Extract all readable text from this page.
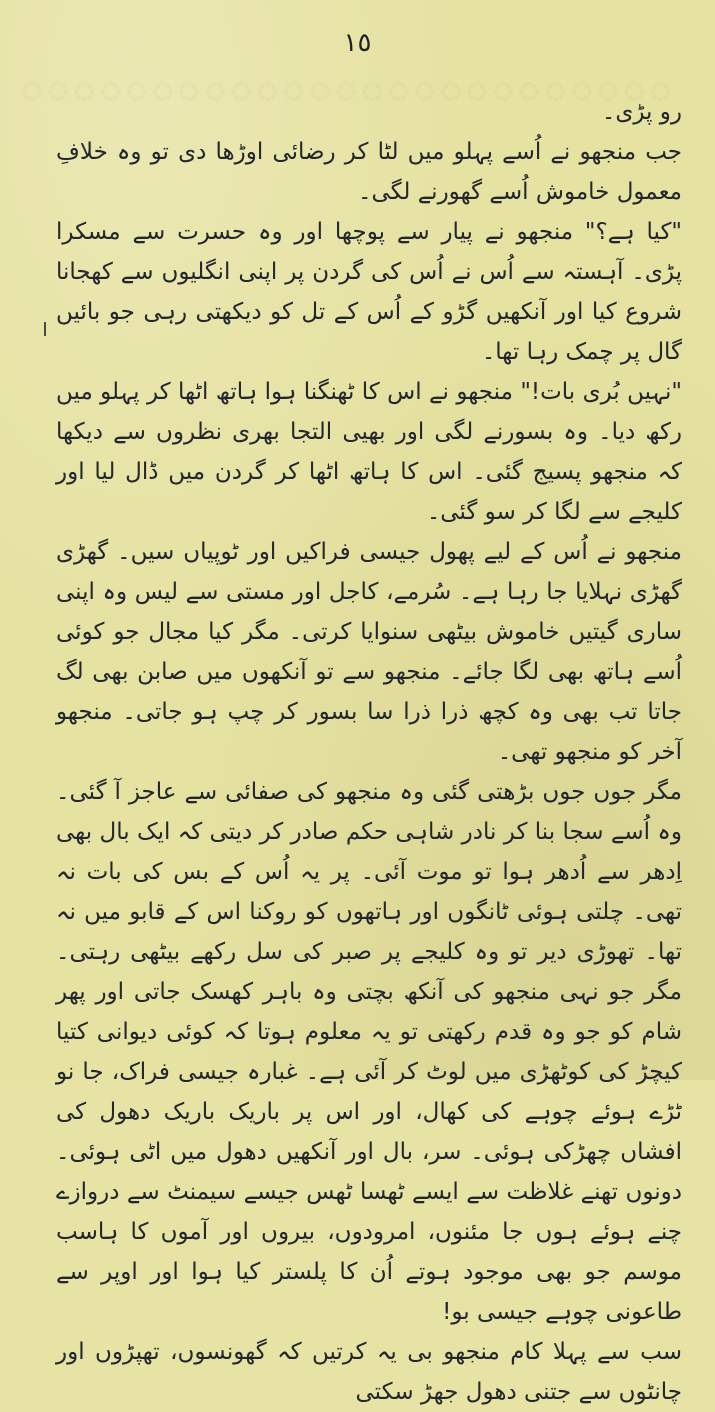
◌ ◌ ◌ ◌ ◌ ◌ ◌ ◌ ◌ ◌ ◌ ◌ ◌ ◌ ◌ ◌ ◌ ◌ ◌ ◌ ◌ ◌ ◌ ◌ ◌
١٥

رو پڑی۔

جب منجھو نے اُسے پہلو میں لٹا کر رضائی اوڑھا دی تو وہ خلافِ معمول خاموش اُسے گھورنے لگی۔

"کیا ہے؟" منجھو نے پیار سے پوچھا اور وہ حسرت سے مسکرا پڑی۔ آہستہ سے اُس نے اُس کی گردن پر اپنی انگلیوں سے کھجانا شروع کیا اور آنکھیں گڑو کے اُس کے تل کو دیکھتی رہی جو بائیں گال پر چمک رہا تھا۔

"نہیں بُری بات!" منجھو نے اس کا ٹھنگنا ہوا ہاتھ اٹھا کر پہلو میں رکھ دیا۔ وہ بسورنے لگی اور بھیی التجا بھری نظروں سے دیکھا کہ منجھو پسیج گئی۔ اس کا ہاتھ اٹھا کر گردن میں ڈال لیا اور کلیجے سے لگا کر سو گئی۔

منجھو نے اُس کے لیے پھول جیسی فراکیں اور ٹوپیاں سیں۔ گھڑی گھڑی نہلایا جا رہا ہے۔ سُرمے، کاجل اور مستی سے لیس وہ اپنی ساری گیتیں خاموش بیٹھی سنوایا کرتی۔ مگر کیا مجال جو کوئی اُسے ہاتھ بھی لگا جائے۔ منجھو سے تو آنکھوں میں صابن بھی لگ جاتا تب بھی وہ کچھ ذرا ذرا سا بسور کر چپ ہو جاتی۔ منجھو آخر کو منجھو تھی۔

مگر جوں جوں بڑھتی گئی وہ منجھو کی صفائی سے عاجز آ گئی۔ وہ اُسے سجا بنا کر نادر شاہی حکم صادر کر دیتی کہ ایک بال بھی اِدھر سے اُدھر ہوا تو موت آئی۔ پر یہ اُس کے بس کی بات نہ تھی۔ چلتی ہوئی ٹانگوں اور ہاتھوں کو روکنا اس کے قابو میں نہ تھا۔ تھوڑی دیر تو وہ کلیجے پر صبر کی سل رکھے بیٹھی رہتی۔ مگر جو نہی منجھو کی آنکھ بچتی وہ باہر کھسک جاتی اور پھر شام کو جو وہ قدم رکھتی تو یہ معلوم ہوتا کہ کوئی دیوانی کتیا کیچڑ کی کوٹھڑی میں لوٹ کر آئی ہے۔ غبارہ جیسی فراک، جا نو ٹڑے ہوئے چوہے کی کھال، اور اس پر باریک باریک دھول کی افشاں چھڑکی ہوئی۔ سر، بال اور آنکھیں دھول میں اٹی ہوئی۔ دونوں تھنے غلاظت سے ایسے ٹھسا ٹھس جیسے سیمنٹ سے دروازے چنے ہوئے ہوں جا مئنوں، امرودوں، بیروں اور آموں کا ہاسب موسم جو بھی موجود ہوتے اُن کا پلستر کیا ہوا اور اوپر سے طاعونی چوہے جیسی بو!

سب سے پہلا کام منجھو بی یہ کرتیں کہ گھونسوں، تھپڑوں اور چانٹوں سے جتنی دھول جھڑ سکتی
